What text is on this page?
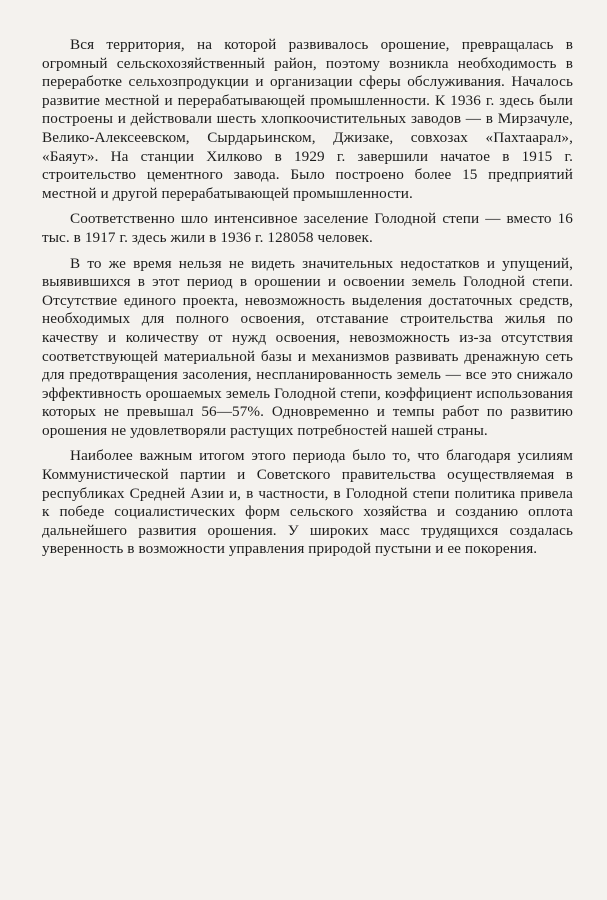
Вся территория, на которой развивалось орошение, превращалась в огромный сельскохозяйственный район, поэтому возникла необходимость в переработке сельхозпродукции и организации сферы обслуживания. Началось развитие местной и перерабатывающей промышленности. К 1936 г. здесь были построены и действовали шесть хлопкоочистительных заводов — в Мирзачуле, Велико-Алексеевском, Сырдарьинском, Джизаке, совхозах «Пахтаарал», «Баяут». На станции Хилково в 1929 г. завершили начатое в 1915 г. строительство цементного завода. Было построено более 15 предприятий местной и другой перерабатывающей промышленности.

Соответственно шло интенсивное заселение Голодной степи — вместо 16 тыс. в 1917 г. здесь жили в 1936 г. 128058 человек.

В то же время нельзя не видеть значительных недостатков и упущений, выявившихся в этот период в орошении и освоении земель Голодной степи. Отсутствие единого проекта, невозможность выделения достаточных средств, необходимых для полного освоения, отставание строительства жилья по качеству и количеству от нужд освоения, невозможность из-за отсутствия соответствующей материальной базы и механизмов развивать дренажную сеть для предотвращения засоления, неспланированность земель — все это снижало эффективность орошаемых земель Голодной степи, коэффициент использования которых не превышал 56—57%. Одновременно и темпы работ по развитию орошения не удовлетворяли растущих потребностей нашей страны.

Наиболее важным итогом этого периода было то, что благодаря усилиям Коммунистической партии и Советского правительства осуществляемая в республиках Средней Азии и, в частности, в Голодной степи политика привела к победе социалистических форм сельского хозяйства и созданию оплота дальнейшего развития орошения. У широких масс трудящихся создалась уверенность в возможности управления природой пустыни и ее покорения.
